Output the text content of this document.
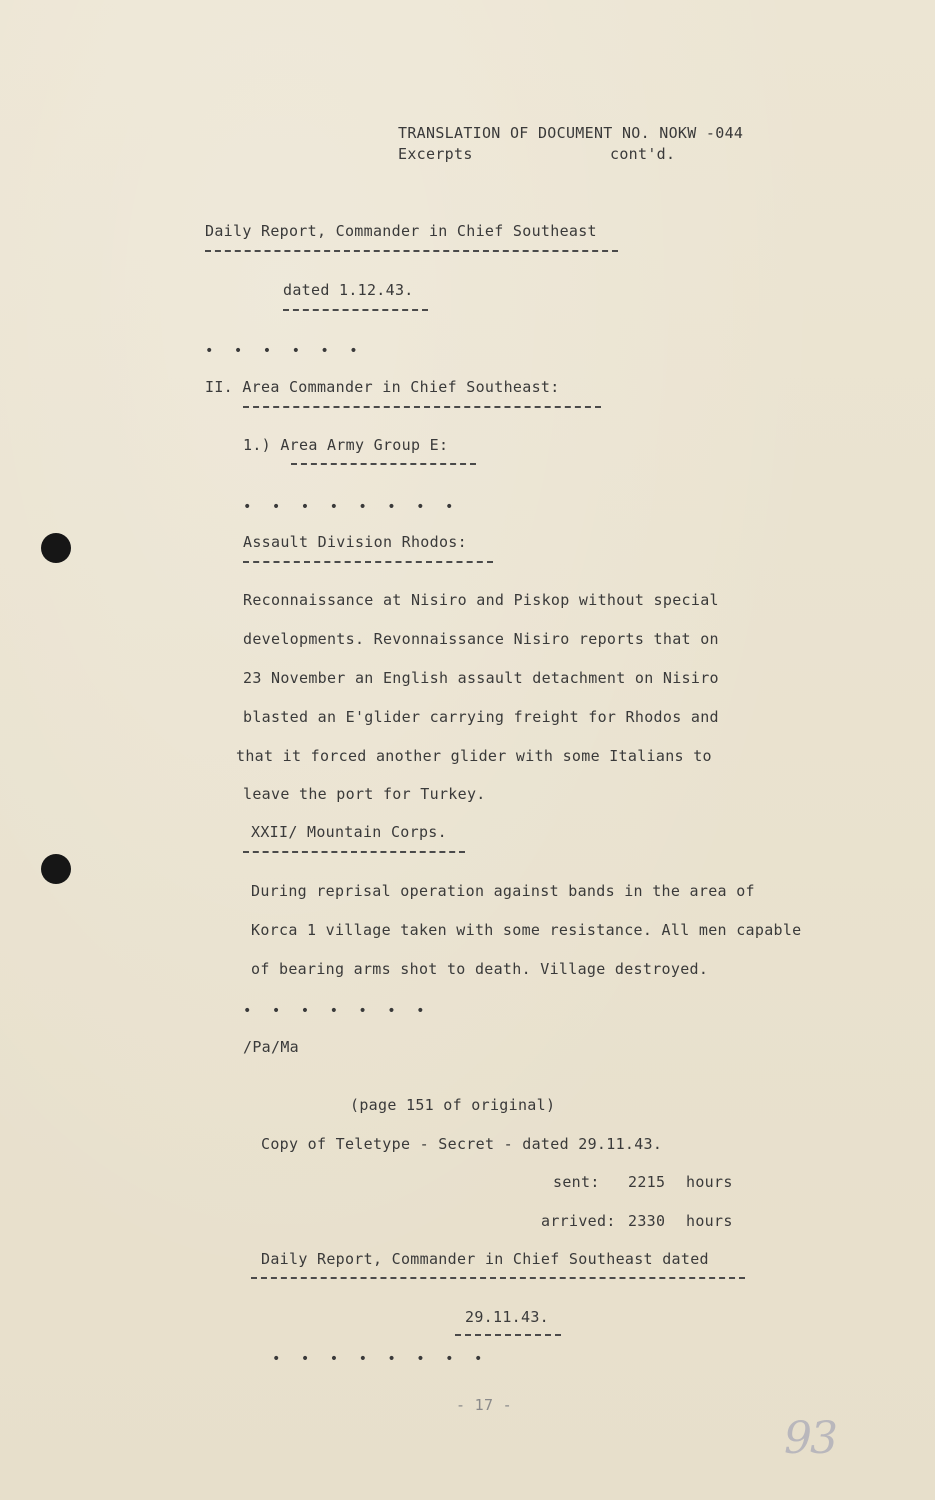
TRANSLATION OF DOCUMENT NO. NOKW -044
Excerpts	cont'd.
Daily Report, Commander in Chief Southeast
dated 1.12.43.
• • • • • •
II. Area Commander in Chief Southeast:
1.) Area Army Group E:
• • • • • • • •
Assault Division Rhodos:
Reconnaissance at Nisiro and Piskop without special
developments. Revonnaissance Nisiro reports that on
23 November an English assault detachment on Nisiro
blasted an E'glider carrying freight for Rhodos and
that it forced another glider with some Italians to
leave the port for Turkey.
XXII/ Mountain Corps.
During reprisal operation against bands in the area of
Korca 1 village taken with some resistance. All men capable
of bearing arms shot to death. Village destroyed.
• • • • • • •
/Pa/Ma
(page 151 of original)
Copy of Teletype - Secret - dated 29.11.43.
sent: 2215 hours
arrived: 2330 hours
Daily Report, Commander in Chief Southeast dated
29.11.43.
• • • • • • • •
- 17 -
93
